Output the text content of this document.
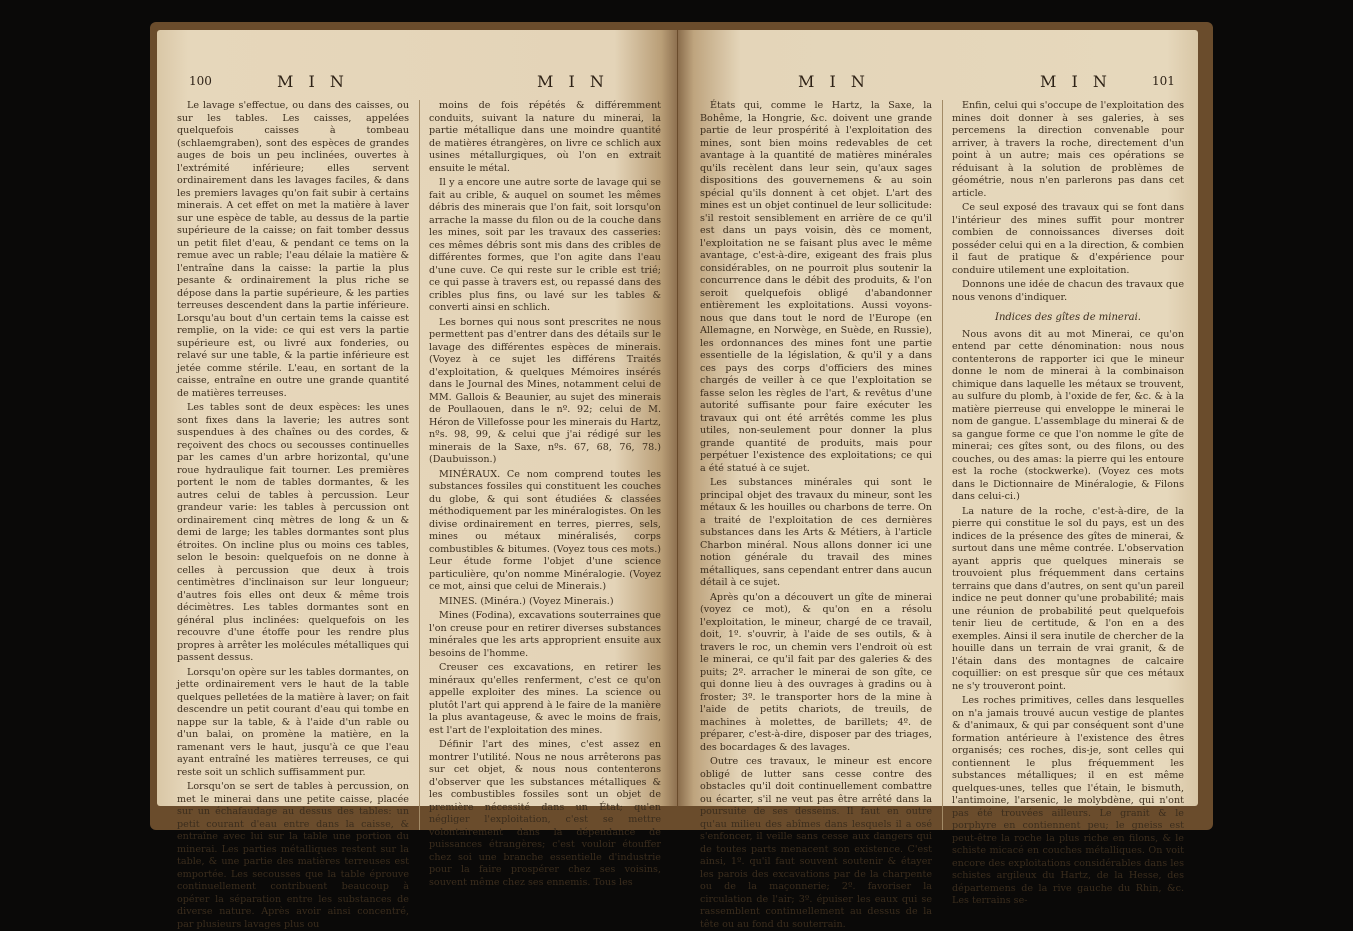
100	M I N	M I N

Le lavage s'effectue, ou dans des caisses, ou sur les tables. Les caisses, appelées quelquefois caisses à tombeau (schlaemgraben), sont des espèces de grandes auges de bois un peu inclinées, ouvertes à l'extrémité inférieure; elles servent ordinairement dans les lavages faciles, & dans les premiers lavages qu'on fait subir à certains minerais. A cet effet on met la matière à laver sur une espèce de table, au dessus de la partie supérieure de la caisse; on fait tomber dessus un petit filet d'eau, & pendant ce tems on la remue avec un rable; l'eau délaie la matière & l'entraîne dans la caisse: la partie la plus pesante & ordinairement la plus riche se dépose dans la partie supérieure, & les parties terreuses descendent dans la partie inférieure. Lorsqu'au bout d'un certain tems la caisse est remplie, on la vide: ce qui est vers la partie supérieure est, ou livré aux fonderies, ou relavé sur une table, & la partie inférieure est jetée comme stérile. L'eau, en sortant de la caisse, entraîne en outre une grande quantité de matières terreuses.

Les tables sont de deux espèces: les unes sont fixes dans la laverie; les autres sont suspendues à des chaînes ou des cordes, & reçoivent des chocs ou secousses continuelles par les cames d'un arbre horizontal, qu'une roue hydraulique fait tourner. Les premières portent le nom de tables dormantes, & les autres celui de tables à percussion. Leur grandeur varie: les tables à percussion ont ordinairement cinq mètres de long & un & demi de large; les tables dormantes sont plus étroites. On incline plus ou moins ces tables, selon le besoin: quelquefois on ne donne à celles à percussion que deux à trois centimètres d'inclinaison sur leur longueur; d'autres fois elles ont deux & même trois décimètres. Les tables dormantes sont en général plus inclinées: quelquefois on les recouvre d'une étoffe pour les rendre plus propres à arrêter les molécules métalliques qui passent dessus.

Lorsqu'on opère sur les tables dormantes, on jette ordinairement vers le haut de la table quelques pelletées de la matière à laver; on fait descendre un petit courant d'eau qui tombe en nappe sur la table, & à l'aide d'un rable ou d'un balai, on promène la matière, en la ramenant vers le haut, jusqu'à ce que l'eau ayant entraîné les matières terreuses, ce qui reste soit un schlich suffisamment pur.

Lorsqu'on se sert de tables à percussion, on met le minerai dans une petite caisse, placée sur un échafaudage au dessus des tables: un petit courant d'eau entre dans la caisse, & entraîne avec lui sur la table une portion du minerai. Les parties métalliques restent sur la table, & une partie des matières terreuses est emportée. Les secousses que la table éprouve continuellement contribuent beaucoup à opérer la séparation entre les substances de diverse nature. Après avoir ainsi concentré, par plusieurs lavages plus ou

moins de fois répétés & différemment conduits, suivant la nature du minerai, la partie métallique dans une moindre quantité de matières étrangères, on livre ce schlich aux usines métallurgiques, où l'on en extrait ensuite le métal.

Il y a encore une autre sorte de lavage qui se fait au crible, & auquel on soumet les mêmes débris des minerais que l'on fait, soit lorsqu'on arrache la masse du filon ou de la couche dans les mines, soit par les travaux des casseries: ces mêmes débris sont mis dans des cribles de différentes formes, que l'on agite dans l'eau d'une cuve. Ce qui reste sur le crible est trié; ce qui passe à travers est, ou repassé dans des cribles plus fins, ou lavé sur les tables & converti ainsi en schlich.

Les bornes qui nous sont prescrites ne nous permettent pas d'entrer dans des détails sur le lavage des différentes espèces de minerais. (Voyez à ce sujet les différens Traités d'exploitation, & quelques Mémoires insérés dans le Journal des Mines, notamment celui de MM. Gallois & Beaunier, au sujet des minerais de Poullaouen, dans le nº. 92; celui de M. Héron de Villefosse pour les minerais du Hartz, nºs. 98, 99, & celui que j'ai rédigé sur les minerais de la Saxe, nºs. 67, 68, 76, 78.) (Daubuisson.)

MINÉRAUX. Ce nom comprend toutes les substances fossiles qui constituent les couches du globe, & qui sont étudiées & classées méthodiquement par les minéralogistes. On les divise ordinairement en terres, pierres, sels, mines ou métaux minéralisés, corps combustibles & bitumes. (Voyez tous ces mots.) Leur étude forme l'objet d'une science particulière, qu'on nomme Minéralogie. (Voyez ce mot, ainsi que celui de Minerais.)

MINES. (Minéra.) (Voyez Minerais.)

Mines (Fodina), excavations souterraines que l'on creuse pour en retirer diverses substances minérales que les arts approprient ensuite aux besoins de l'homme.

Creuser ces excavations, en retirer les minéraux qu'elles renferment, c'est ce qu'on appelle exploiter des mines. La science ou plutôt l'art qui apprend à le faire de la manière la plus avantageuse, & avec le moins de frais, est l'art de l'exploitation des mines.

Définir l'art des mines, c'est assez en montrer l'utilité. Nous ne nous arrêterons pas sur cet objet, & nous nous contenterons d'observer que les substances métalliques & les combustibles fossiles sont un objet de première nécessité dans un État; qu'en négliger l'exploitation, c'est se mettre volontairement dans la dépendance de puissances étrangères; c'est vouloir étouffer chez soi une branche essentielle d'industrie pour la faire prospérer chez ses voisins, souvent même chez ses ennemis. Tous les

M I N	M I N	101

États qui, comme le Hartz, la Saxe, la Bohême, la Hongrie, &c. doivent une grande partie de leur prospérité à l'exploitation des mines, sont bien moins redevables de cet avantage à la quantité de matières minérales qu'ils recèlent dans leur sein, qu'aux sages dispositions des gouvernemens & au soin spécial qu'ils donnent à cet objet. L'art des mines est un objet continuel de leur sollicitude: s'il restoit sensiblement en arrière de ce qu'il est dans un pays voisin, dès ce moment, l'exploitation ne se faisant plus avec le même avantage, c'est-à-dire, exigeant des frais plus considérables, on ne pourroit plus soutenir la concurrence dans le débit des produits, & l'on seroit quelquefois obligé d'abandonner entièrement les exploitations. Aussi voyons-nous que dans tout le nord de l'Europe (en Allemagne, en Norwège, en Suède, en Russie), les ordonnances des mines font une partie essentielle de la législation, & qu'il y a dans ces pays des corps d'officiers des mines chargés de veiller à ce que l'exploitation se fasse selon les règles de l'art, & revêtus d'une autorité suffisante pour faire exécuter les travaux qui ont été arrêtés comme les plus utiles, non-seulement pour donner la plus grande quantité de produits, mais pour perpétuer l'existence des exploitations; ce qui a été statué à ce sujet.

Les substances minérales qui sont le principal objet des travaux du mineur, sont les métaux & les houilles ou charbons de terre. On a traité de l'exploitation de ces dernières substances dans les Arts & Métiers, à l'article Charbon minéral. Nous allons donner ici une notion générale du travail des mines métalliques, sans cependant entrer dans aucun détail à ce sujet.

Après qu'on a découvert un gîte de minerai (voyez ce mot), & qu'on en a résolu l'exploitation, le mineur, chargé de ce travail, doit, 1º. s'ouvrir, à l'aide de ses outils, & à travers le roc, un chemin vers l'endroit où est le minerai, ce qu'il fait par des galeries & des puits; 2º. arracher le minerai de son gîte, ce qui donne lieu à des ouvrages à gradins ou à froster; 3º. le transporter hors de la mine à l'aide de petits chariots, de treuils, de machines à molettes, de barillets; 4º. de préparer, c'est-à-dire, disposer par des triages, des bocardages & des lavages.

Outre ces travaux, le mineur est encore obligé de lutter sans cesse contre des obstacles qu'il doit continuellement combattre ou écarter, s'il ne veut pas être arrêté dans la poursuite de ses desseins. Il faut en outre qu'au milieu des abîmes dans lesquels il a osé s'enfoncer, il veille sans cesse aux dangers qui de toutes parts menacent son existence. C'est ainsi, 1º. qu'il faut souvent soutenir & étayer les parois des excavations par de la charpente ou de la maçonnerie; 2º. favoriser la circulation de l'air; 3º. épuiser les eaux qui se rassemblent continuellement au dessus de la tête ou au fond du souterrain.

Enfin, celui qui s'occupe de l'exploitation des mines doit donner à ses galeries, à ses percemens la direction convenable pour arriver, à travers la roche, directement d'un point à un autre; mais ces opérations se réduisant à la solution de problèmes de géométrie, nous n'en parlerons pas dans cet article.

Ce seul exposé des travaux qui se font dans l'intérieur des mines suffit pour montrer combien de connoissances diverses doit posséder celui qui en a la direction, & combien il faut de pratique & d'expérience pour conduire utilement une exploitation.

Donnons une idée de chacun des travaux que nous venons d'indiquer.

Indices des gîtes de minerai.

Nous avons dit au mot Minerai, ce qu'on entend par cette dénomination: nous nous contenterons de rapporter ici que le mineur donne le nom de minerai à la combinaison chimique dans laquelle les métaux se trouvent, au sulfure du plomb, à l'oxide de fer, &c. & à la matière pierreuse qui enveloppe le minerai le nom de gangue. L'assemblage du minerai & de sa gangue forme ce que l'on nomme le gîte de minerai; ces gîtes sont, ou des filons, ou des couches, ou des amas: la pierre qui les entoure est la roche (stockwerke). (Voyez ces mots dans le Dictionnaire de Minéralogie, & Filons dans celui-ci.)

La nature de la roche, c'est-à-dire, de la pierre qui constitue le sol du pays, est un des indices de la présence des gîtes de minerai, & surtout dans une même contrée. L'observation ayant appris que quelques minerais se trouvoient plus fréquemment dans certains terrains que dans d'autres, on sent qu'un pareil indice ne peut donner qu'une probabilité; mais une réunion de probabilité peut quelquefois tenir lieu de certitude, & l'on en a des exemples. Ainsi il sera inutile de chercher de la houille dans un terrain de vrai granit, & de l'étain dans des montagnes de calcaire coquillier: on est presque sûr que ces métaux ne s'y trouveront point.

Les roches primitives, celles dans lesquelles on n'a jamais trouvé aucun vestige de plantes & d'animaux, & qui par conséquent sont d'une formation antérieure à l'existence des êtres organisés; ces roches, dis-je, sont celles qui contiennent le plus fréquemment les substances métalliques; il en est même quelques-unes, telles que l'étain, le bismuth, l'antimoine, l'arsenic, le molybdène, qui n'ont pas été trouvées ailleurs. Le granit & le porphyre en contiennent peu; le gneiss est peut-être la roche la plus riche en filons, & le schiste micacé en couches métalliques. On voit encore des exploitations considérables dans les schistes argileux du Hartz, de la Hesse, des départemens de la rive gauche du Rhin, &c. Les terrains se-
